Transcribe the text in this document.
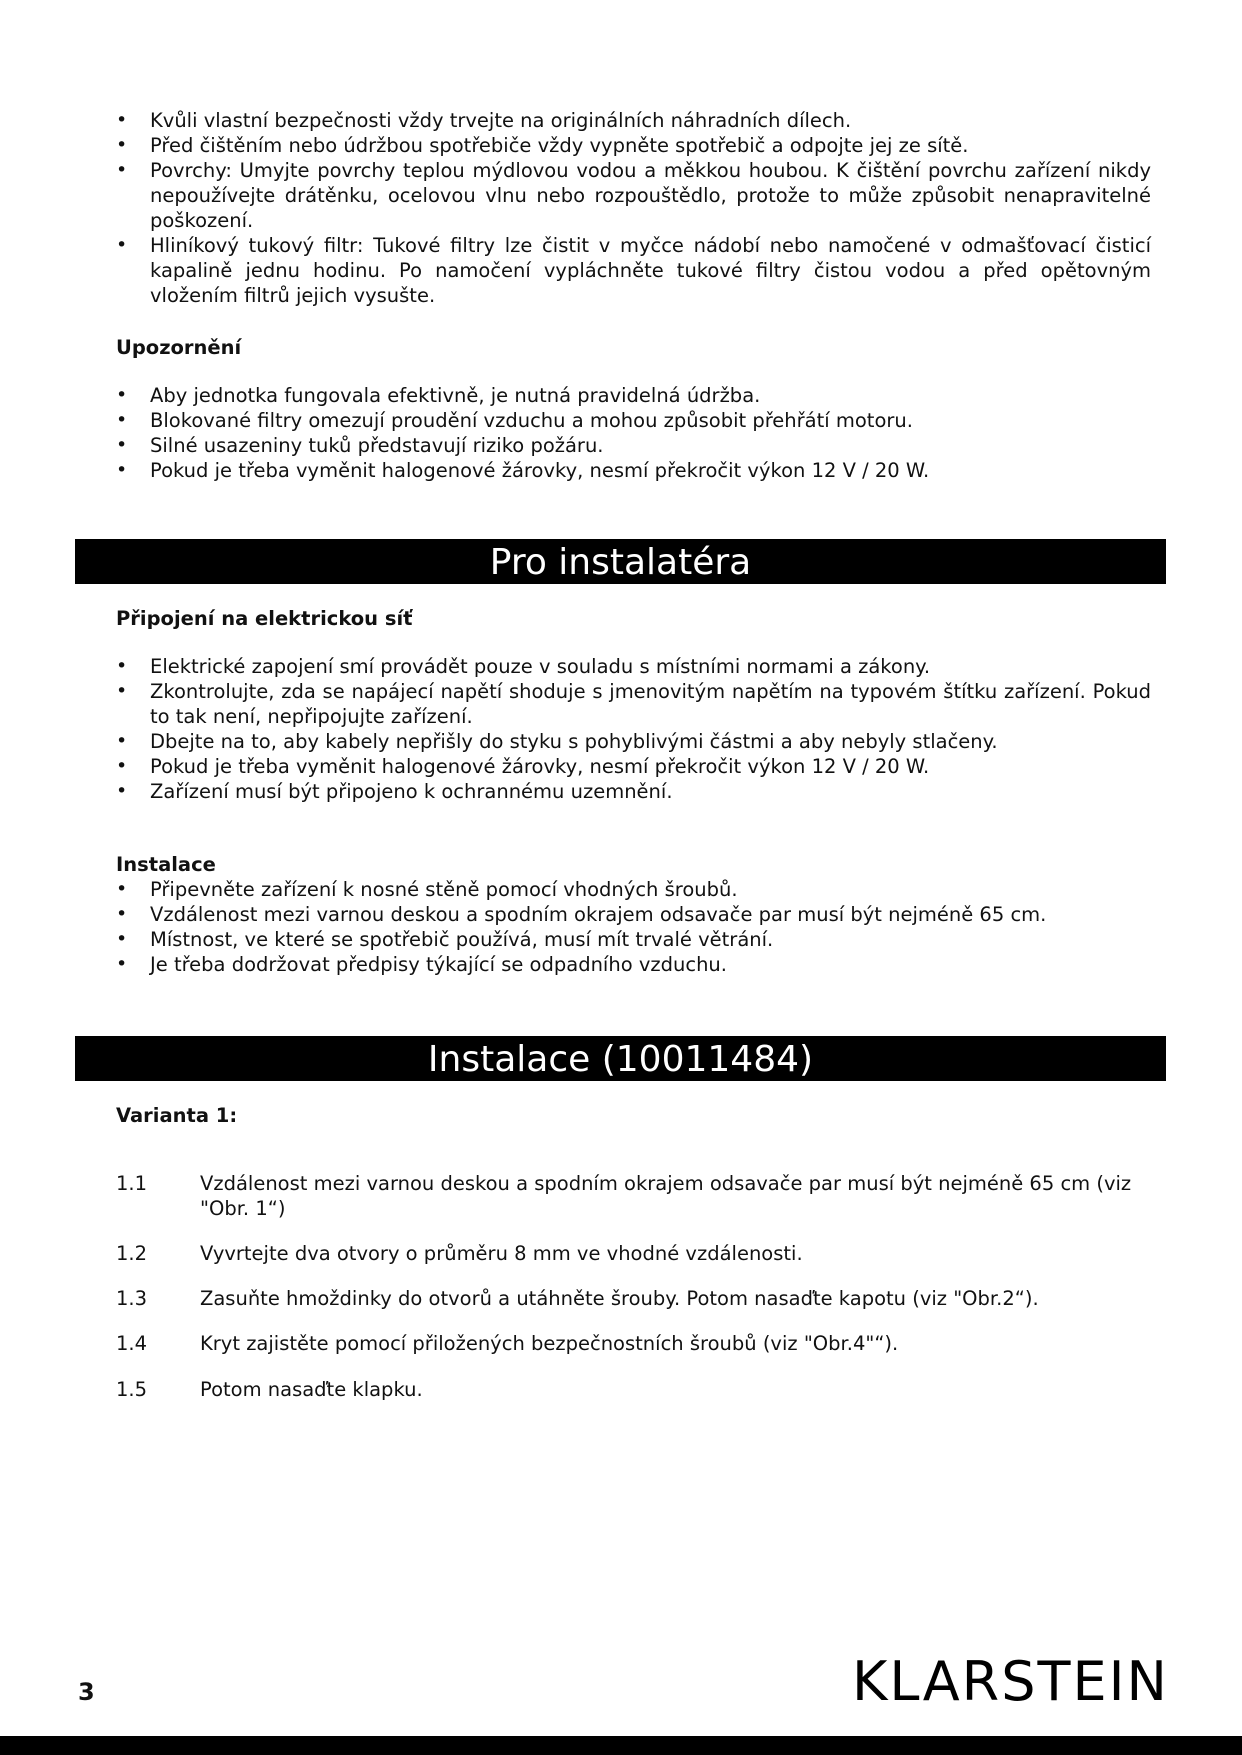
• Kvůli vlastní bezpečnosti vždy trvejte na originálních náhradních dílech.
• Před čištěním nebo údržbou spotřebiče vždy vypněte spotřebič a odpojte jej ze sítě.
• Povrchy: Umyjte povrchy teplou mýdlovou vodou a měkkou houbou. K čištění povrchu zařízení nikdy nepoužívejte drátěnku, ocelovou vlnu nebo rozpouštědlo, protože to může způsobit nenapravitelné poškození.
• Hliníkový tukový filtr: Tukové filtry lze čistit v myčce nádobí nebo namočené v odmašťovací čisticí kapalině jednu hodinu. Po namočení vypláchněte tukové filtry čistou vodou a před opětovným vložením filtrů jejich vysušte.
Upozornění
• Aby jednotka fungovala efektivně, je nutná pravidelná údržba.
• Blokované filtry omezují proudění vzduchu a mohou způsobit přehřátí motoru.
• Silné usazeniny tuků představují riziko požáru.
• Pokud je třeba vyměnit halogenové žárovky, nesmí překročit výkon 12 V / 20 W.
Pro instalatéra
Připojení na elektrickou síť
• Elektrické zapojení smí provádět pouze v souladu s místními normami a zákony.
• Zkontrolujte, zda se napájecí napětí shoduje s jmenovitým napětím na typovém štítku zařízení. Pokud to tak není, nepřipojujte zařízení.
• Dbejte na to, aby kabely nepřišly do styku s pohyblivými částmi a aby nebyly stlačeny.
• Pokud je třeba vyměnit halogenové žárovky, nesmí překročit výkon 12 V / 20 W.
• Zařízení musí být připojeno k ochrannému uzemnění.
Instalace
• Připevněte zařízení k nosné stěně pomocí vhodných šroubů.
• Vzdálenost mezi varnou deskou a spodním okrajem odsavače par musí být nejméně 65 cm.
• Místnost, ve které se spotřebič používá, musí mít trvalé větrání.
• Je třeba dodržovat předpisy týkající se odpadního vzduchu.
Instalace (10011484)
Varianta 1:
1.1	Vzdálenost mezi varnou deskou a spodním okrajem odsavače par musí být nejméně 65 cm (viz "Obr. 1“)
1.2	Vyvrtejte dva otvory o průměru 8 mm ve vhodné vzdálenosti.
1.3	Zasuňte hmoždinky do otvorů a utáhněte šrouby. Potom nasaďte kapotu (viz "Obr.2“).
1.4	Kryt zajistěte pomocí přiložených bezpečnostních šroubů (viz "Obr.4"“).
1.5	Potom nasaďte klapku.
3	KLARSTEIN
